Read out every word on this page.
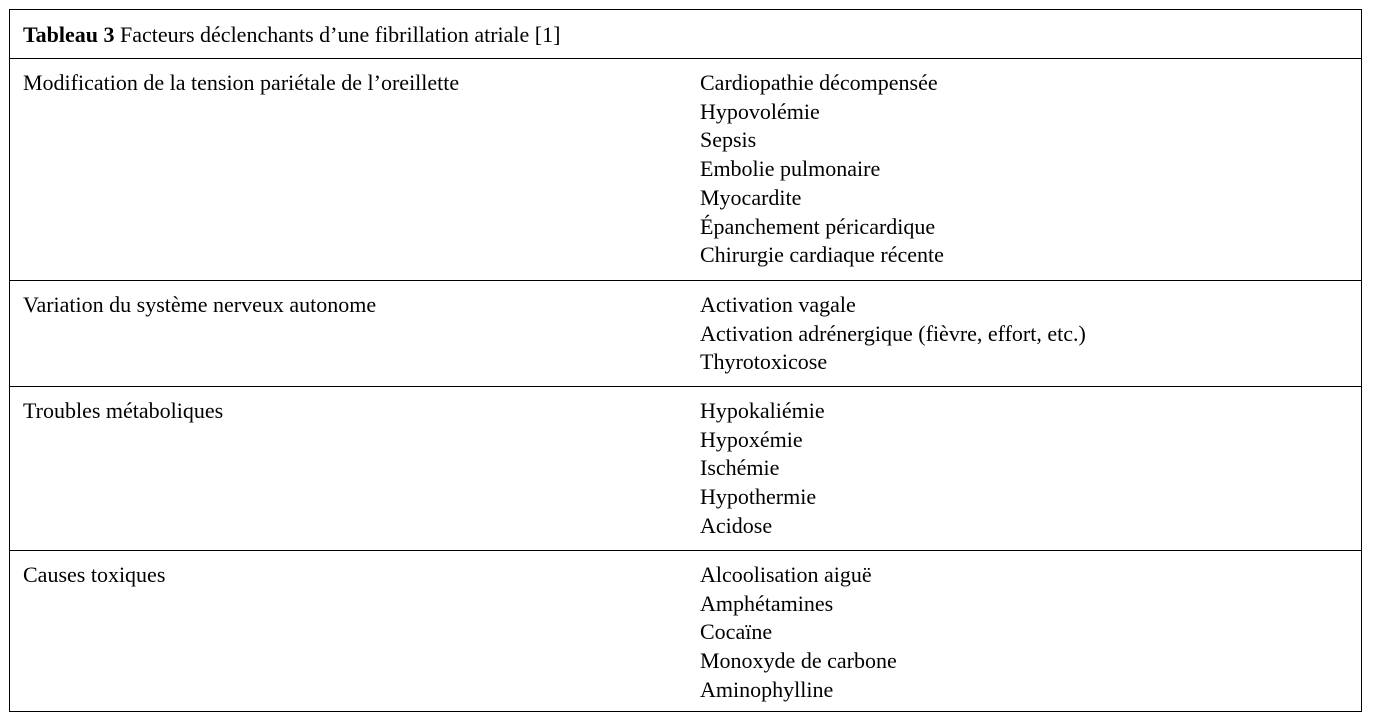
Tableau 3 Facteurs déclenchants d’une fibrillation atriale [1]
Modification de la tension pariétale de l’oreillette	Cardiopathie décompensée
Hypovolémie
Sepsis
Embolie pulmonaire
Myocardite
Épanchement péricardique
Chirurgie cardiaque récente
Variation du système nerveux autonome	Activation vagale
Activation adrénergique (fièvre, effort, etc.)
Thyrotoxicose
Troubles métaboliques	Hypokaliémie
Hypoxémie
Ischémie
Hypothermie
Acidose
Causes toxiques	Alcoolisation aiguë
Amphétamines
Cocaïne
Monoxyde de carbone
Aminophylline
